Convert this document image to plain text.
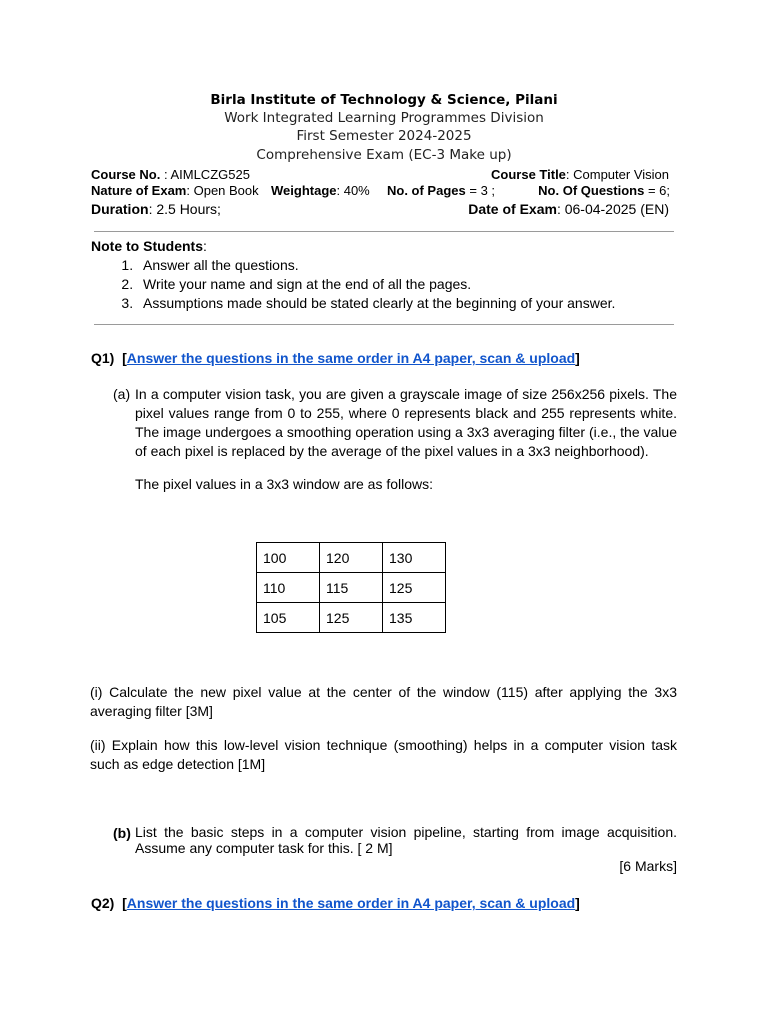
Birla Institute of Technology & Science, Pilani
Work Integrated Learning Programmes Division
First Semester 2024-2025
Comprehensive Exam (EC-3 Make up)
Course No. : AIMLCZG525	Course Title: Computer Vision
Nature of Exam: Open Book Weightage: 40% No. of Pages = 3 ;	No. Of Questions = 6;
Duration: 2.5 Hours;	Date of Exam: 06-04-2025 (EN)
Note to Students:
1. Answer all the questions.
2. Write your name and sign at the end of all the pages.
3. Assumptions made should be stated clearly at the beginning of your answer.
Q1) [Answer the questions in the same order in A4 paper, scan & upload]
(a) In a computer vision task, you are given a grayscale image of size 256x256 pixels. The pixel values range from 0 to 255, where 0 represents black and 255 represents white. The image undergoes a smoothing operation using a 3x3 averaging filter (i.e., the value of each pixel is replaced by the average of the pixel values in a 3x3 neighborhood).
The pixel values in a 3x3 window are as follows:
100	120	130
110	115	125
105	125	135
(i) Calculate the new pixel value at the center of the window (115) after applying the 3x3 averaging filter [3M]
(ii) Explain how this low-level vision technique (smoothing) helps in a computer vision task such as edge detection [1M]
(b) List the basic steps in a computer vision pipeline, starting from image acquisition. Assume any computer task for this. [ 2 M]
[6 Marks]
Q2) [Answer the questions in the same order in A4 paper, scan & upload]
